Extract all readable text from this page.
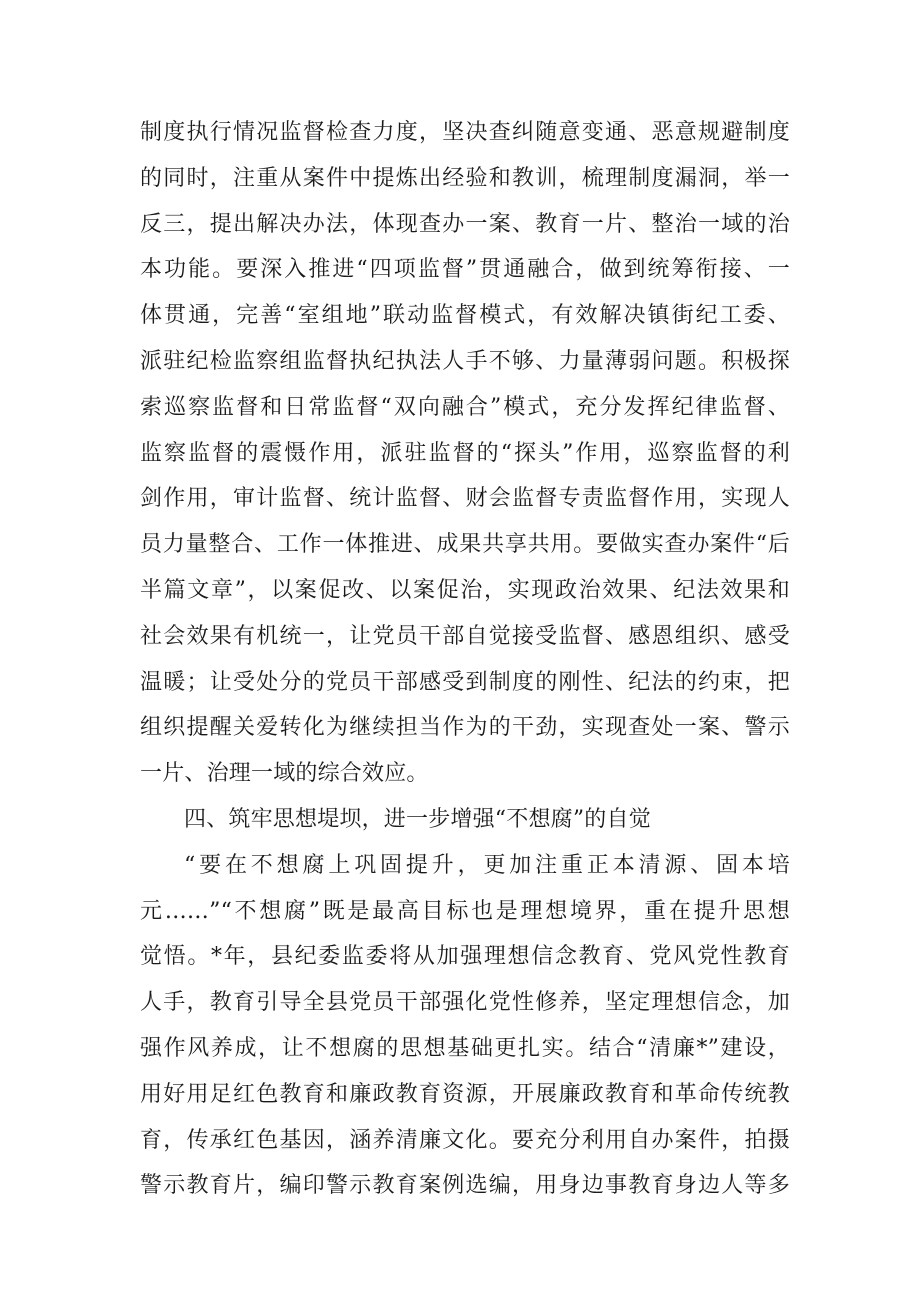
制度执行情况监督检查力度，坚决查纠随意变通、恶意规避制度
的同时，注重从案件中提炼出经验和教训，梳理制度漏洞，举一
反三，提出解决办法，体现查办一案、教育一片、整治一域的治
本功能。要深入推进“四项监督”贯通融合，做到统筹衔接、一
体贯通，完善“室组地”联动监督模式，有效解决镇街纪工委、
派驻纪检监察组监督执纪执法人手不够、力量薄弱问题。积极探
索巡察监督和日常监督“双向融合”模式，充分发挥纪律监督、
监察监督的震慑作用，派驻监督的“探头”作用，巡察监督的利
剑作用，审计监督、统计监督、财会监督专责监督作用，实现人
员力量整合、工作一体推进、成果共享共用。要做实查办案件“后
半篇文章”，以案促改、以案促治，实现政治效果、纪法效果和
社会效果有机统一，让党员干部自觉接受监督、感恩组织、感受
温暖；让受处分的党员干部感受到制度的刚性、纪法的约束，把
组织提醒关爱转化为继续担当作为的干劲，实现查处一案、警示
一片、治理一域的综合效应。
四、筑牢思想堤坝，进一步增强“不想腐”的自觉
“要在不想腐上巩固提升，更加注重正本清源、固本培
元……”“不想腐”既是最高目标也是理想境界，重在提升思想
觉悟。*年，县纪委监委将从加强理想信念教育、党风党性教育
人手，教育引导全县党员干部强化党性修养，坚定理想信念，加
强作风养成，让不想腐的思想基础更扎实。结合“清廉*”建设，
用好用足红色教育和廉政教育资源，开展廉政教育和革命传统教
育，传承红色基因，涵养清廉文化。要充分利用自办案件，拍摄
警示教育片，编印警示教育案例选编，用身边事教育身边人等多
